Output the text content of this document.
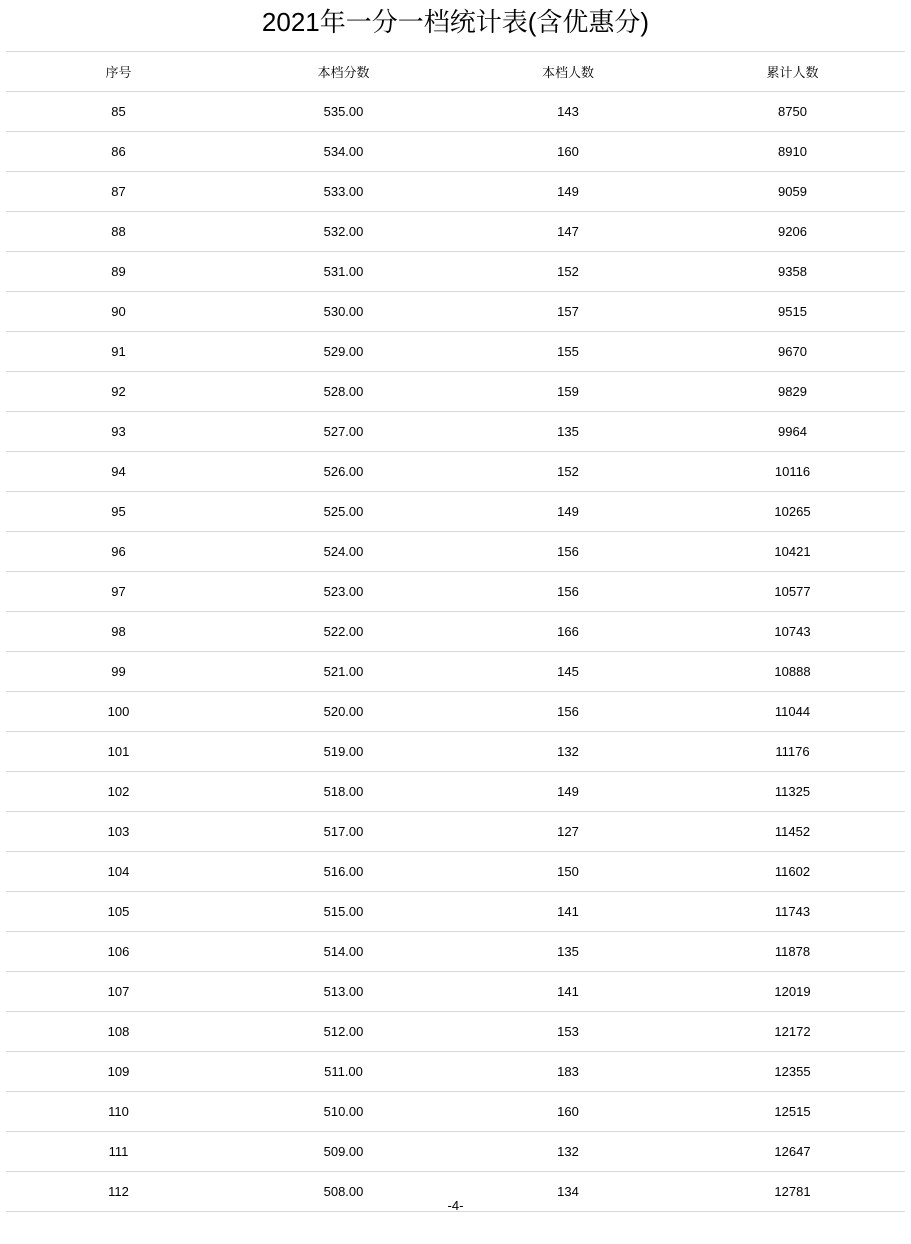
2021年一分一档统计表(含优惠分)
序号	本档分数	本档人数	累计人数
85	535.00	143	8750
86	534.00	160	8910
87	533.00	149	9059
88	532.00	147	9206
89	531.00	152	9358
90	530.00	157	9515
91	529.00	155	9670
92	528.00	159	9829
93	527.00	135	9964
94	526.00	152	10116
95	525.00	149	10265
96	524.00	156	10421
97	523.00	156	10577
98	522.00	166	10743
99	521.00	145	10888
100	520.00	156	11044
101	519.00	132	11176
102	518.00	149	11325
103	517.00	127	11452
104	516.00	150	11602
105	515.00	141	11743
106	514.00	135	11878
107	513.00	141	12019
108	512.00	153	12172
109	511.00	183	12355
110	510.00	160	12515
111	509.00	132	12647
112	508.00	134	12781
-4-
